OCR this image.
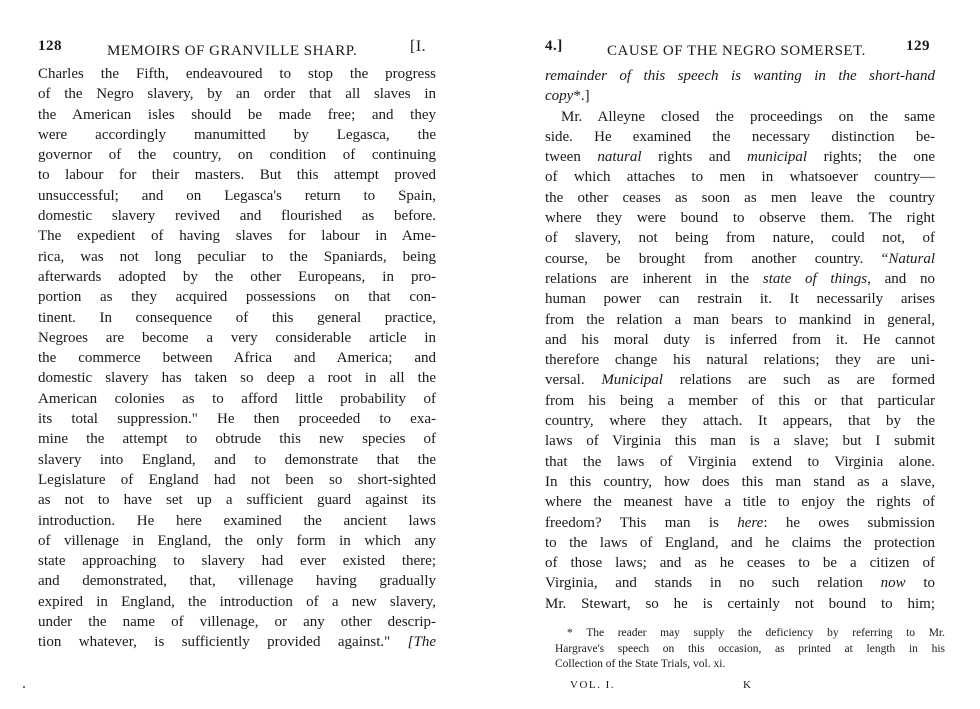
128	MEMOIRS OF GRANVILLE SHARP.	[I.
Charles the Fifth, endeavoured to stop the progress
of the Negro slavery, by an order that all slaves in
the American isles should be made free; and they
were accordingly manumitted by Legasca, the
governor of the country, on condition of continuing
to labour for their masters. But this attempt proved
unsuccessful; and on Legasca's return to Spain,
domestic slavery revived and flourished as before.
The expedient of having slaves for labour in Ame-
rica, was not long peculiar to the Spaniards, being
afterwards adopted by the other Europeans, in pro-
portion as they acquired possessions on that con-
tinent. In consequence of this general practice,
Negroes are become a very considerable article in
the commerce between Africa and America; and
domestic slavery has taken so deep a root in all the
American colonies as to afford little probability of
its total suppression." He then proceeded to exa-
mine the attempt to obtrude this new species of
slavery into England, and to demonstrate that the
Legislature of England had not been so short-sighted
as not to have set up a sufficient guard against its
introduction. He here examined the ancient laws
of villenage in England, the only form in which any
state approaching to slavery had ever existed there;
and demonstrated, that, villenage having gradually
expired in England, the introduction of a new slavery,
under the name of villenage, or any other descrip-
tion whatever, is sufficiently provided against." [The
4.]	CAUSE OF THE NEGRO SOMERSET.	129
remainder of this speech is wanting in the short-hand
copy*.]
Mr. Alleyne closed the proceedings on the same
side. He examined the necessary distinction be-
tween natural rights and municipal rights; the one
of which attaches to men in whatsoever country—
the other ceases as soon as men leave the country
where they were bound to observe them. The right
of slavery, not being from nature, could not, of
course, be brought from another country. “Natural
relations are inherent in the state of things, and no
human power can restrain it. It necessarily arises
from the relation a man bears to mankind in general,
and his moral duty is inferred from it. He cannot
therefore change his natural relations; they are uni-
versal. Municipal relations are such as are formed
from his being a member of this or that particular
country, where they attach. It appears, that by the
laws of Virginia this man is a slave; but I submit
that the laws of Virginia extend to Virginia alone.
In this country, how does this man stand as a slave,
where the meanest have a title to enjoy the rights of
freedom? This man is here: he owes submission
to the laws of England, and he claims the protection
of those laws; and as he ceases to be a citizen of
Virginia, and stands in no such relation now to
Mr. Stewart, so he is certainly not bound to him;
* The reader may supply the deficiency by referring to Mr.
Hargrave's speech on this occasion, as printed at length in his
Collection of the State Trials, vol. xi.
VOL. I.	K
